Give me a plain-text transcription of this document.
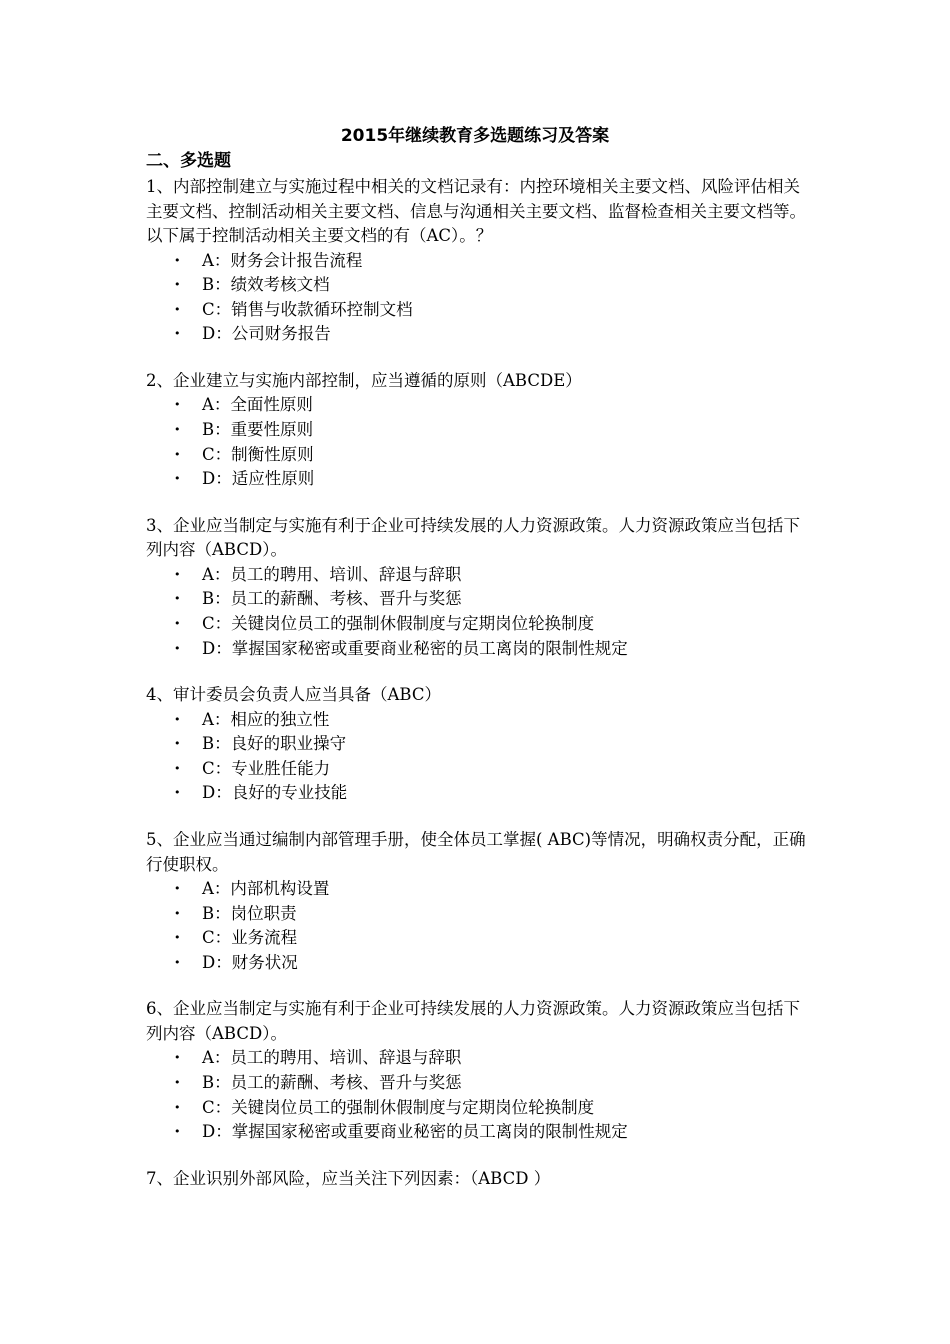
2015年继续教育多选题练习及答案
二、多选题

1、内部控制建立与实施过程中相关的文档记录有：内控环境相关主要文档、风险评估相关主要文档、控制活动相关主要文档、信息与沟通相关主要文档、监督检查相关主要文档等。以下属于控制活动相关主要文档的有（AC）。？

• A：财务会计报告流程
• B：绩效考核文档
• C：销售与收款循环控制文档
• D：公司财务报告

2、企业建立与实施内部控制，应当遵循的原则（ABCDE）

• A：全面性原则
• B：重要性原则
• C：制衡性原则
• D：适应性原则

3、企业应当制定与实施有利于企业可持续发展的人力资源政策。人力资源政策应当包括下列内容（ABCD）。

• A：员工的聘用、培训、辞退与辞职
• B：员工的薪酬、考核、晋升与奖惩
• C：关键岗位员工的强制休假制度与定期岗位轮换制度
• D：掌握国家秘密或重要商业秘密的员工离岗的限制性规定

4、审计委员会负责人应当具备（ABC）

• A：相应的独立性
• B：良好的职业操守
• C：专业胜任能力
• D：良好的专业技能

5、企业应当通过编制内部管理手册，使全体员工掌握( ABC)等情况，明确权责分配，正确行使职权。

• A：内部机构设置
• B：岗位职责
• C：业务流程
• D：财务状况

6、企业应当制定与实施有利于企业可持续发展的人力资源政策。人力资源政策应当包括下列内容（ABCD）。

• A：员工的聘用、培训、辞退与辞职
• B：员工的薪酬、考核、晋升与奖惩
• C：关键岗位员工的强制休假制度与定期岗位轮换制度
• D：掌握国家秘密或重要商业秘密的员工离岗的限制性规定

7、企业识别外部风险，应当关注下列因素：（ABCD ）
